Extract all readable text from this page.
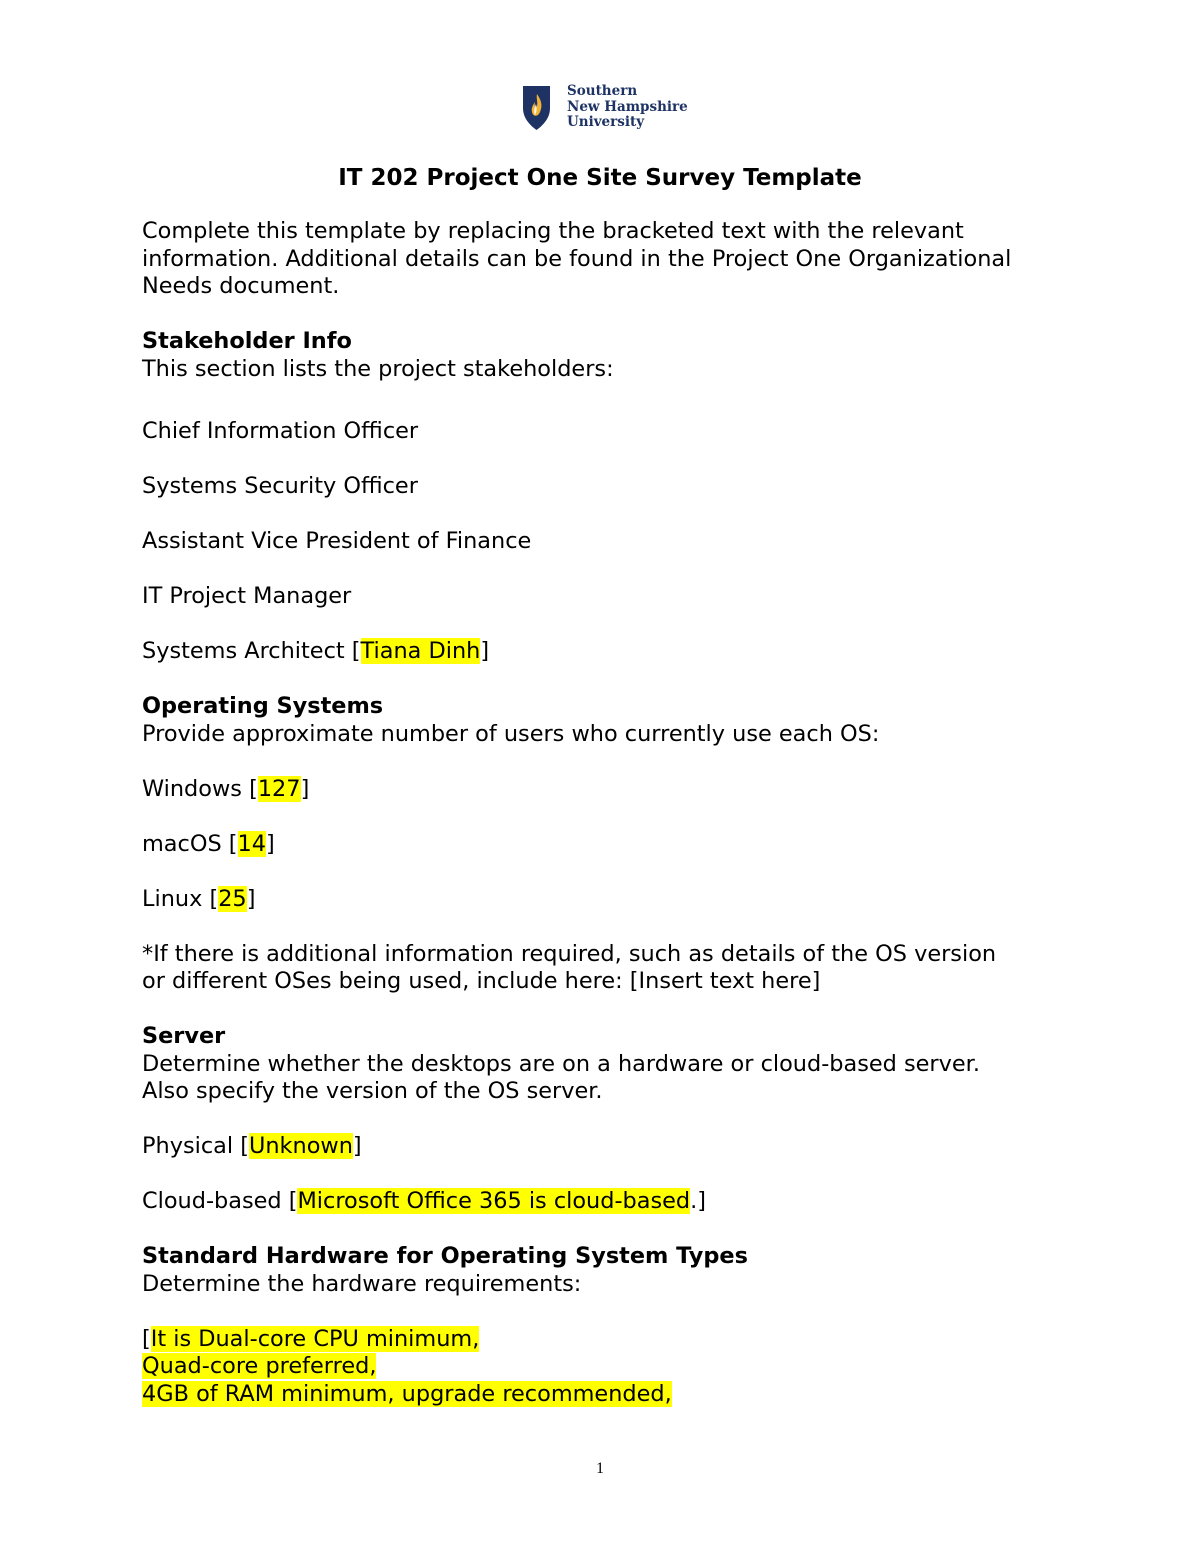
Southern
New Hampshire
University
IT 202 Project One Site Survey Template

Complete this template by replacing the bracketed text with the relevant

information. Additional details can be found in the Project One Organizational

Needs document.

Stakeholder Info

This section lists the project stakeholders:

Chief Information Officer

Systems Security Officer

Assistant Vice President of Finance

IT Project Manager

Systems Architect [Tiana Dinh]

Operating Systems

Provide approximate number of users who currently use each OS:

Windows [127]

macOS [14]

Linux [25]

*If there is additional information required, such as details of the OS version

or different OSes being used, include here: [Insert text here]

Server

Determine whether the desktops are on a hardware or cloud-based server.

Also specify the version of the OS server.

Physical [Unknown]

Cloud-based [Microsoft Office 365 is cloud-based.]

Standard Hardware for Operating System Types

Determine the hardware requirements:

[It is Dual-core CPU minimum,

Quad-core preferred,

4GB of RAM minimum, upgrade recommended,

1
